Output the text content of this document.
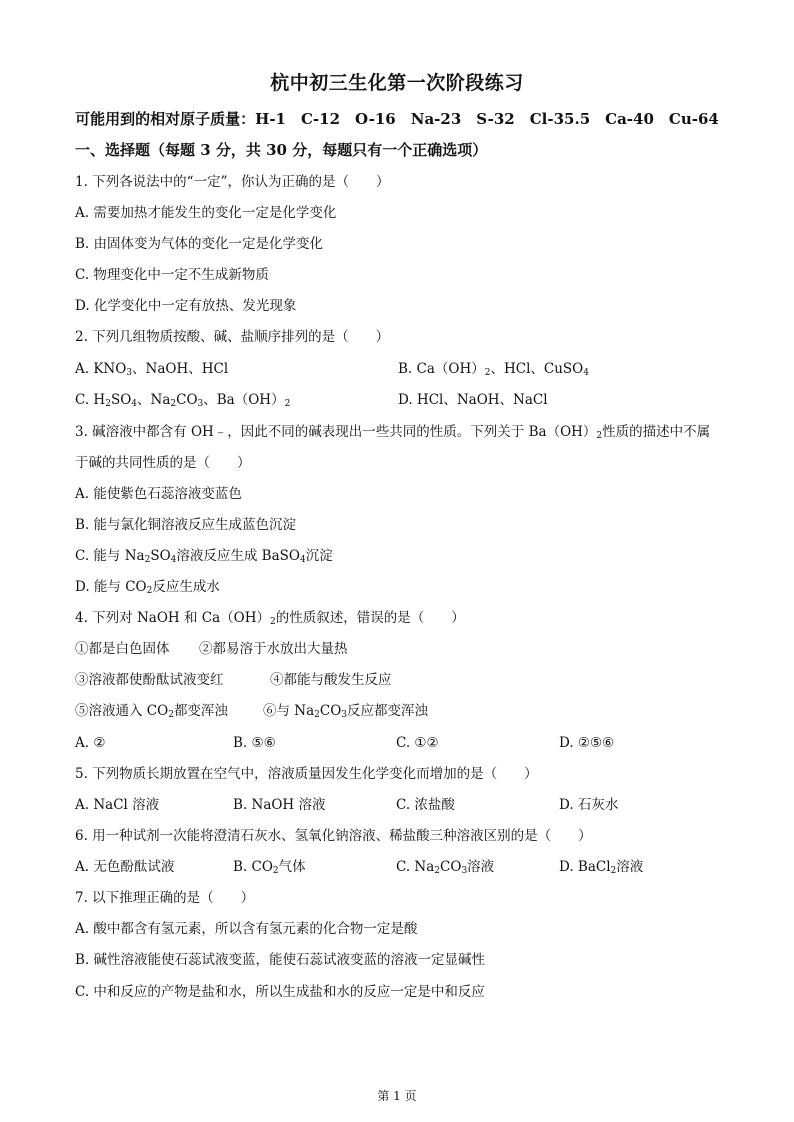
杭中初三生化第一次阶段练习
可能用到的相对原子质量：H-1　C-12　O-16　Na-23　S-32　Cl-35.5　Ca-40　Cu-64
一、选择题（每题 3 分，共 30 分，每题只有一个正确选项）
1. 下列各说法中的“一定”，你认为正确的是（　　）
A. 需要加热才能发生的变化一定是化学变化
B. 由固体变为气体的变化一定是化学变化
C. 物理变化中一定不生成新物质
D. 化学变化中一定有放热、发光现象
2. 下列几组物质按酸、碱、盐顺序排列的是（　　）
A. $KNO_3$、NaOH、HCl	B. $Ca(OH)_2$、HCl、CuSO$_4$
C. $H_2SO_4$、$Na_2CO_3$、$Ba(OH)_2$	D. HCl、NaOH、NaCl
3. 碱溶液中都含有 OH﹣，因此不同的碱表现出一些共同的性质。下列关于 $Ba(OH)_2$性质的描述中不属
于碱的共同性质的是（　　）
A. 能使紫色石蕊溶液变蓝色
B. 能与氯化铜溶液反应生成蓝色沉淀
C. 能与 $Na_2SO_4$溶液反应生成 BaSO$_4$沉淀
D. 能与 $CO_2$反应生成水
4. 下列对 NaOH 和 $Ca(OH)_2$的性质叙述，错误的是（　　）
①都是白色固体 ②都易溶于水放出大量热
③溶液都使酚酞试液变红	④都能与酸发生反应
⑤溶液通入 $CO_2$都变浑浊	⑥与 $Na_2CO_3$反应都变浑浊
A. ②	B. ⑤⑥	C. ①②	D. ②⑤⑥
5. 下列物质长期放置在空气中，溶液质量因发生化学变化而增加的是（　　）
A. NaCl 溶液	B. NaOH 溶液	C. 浓盐酸	D. 石灰水
6. 用一种试剂一次能将澄清石灰水、氢氧化钠溶液、稀盐酸三种溶液区别的是（　　）
A. 无色酚酞试液	B. $CO_2$气体	C. $Na_2CO_3$溶液	D. BaCl$_2$溶液
7. 以下推理正确的是（　　）
A. 酸中都含有氢元素，所以含有氢元素的化合物一定是酸
B. 碱性溶液能使石蕊试液变蓝，能使石蕊试液变蓝的溶液一定显碱性
C. 中和反应的产物是盐和水，所以生成盐和水的反应一定是中和反应
第 1 页
